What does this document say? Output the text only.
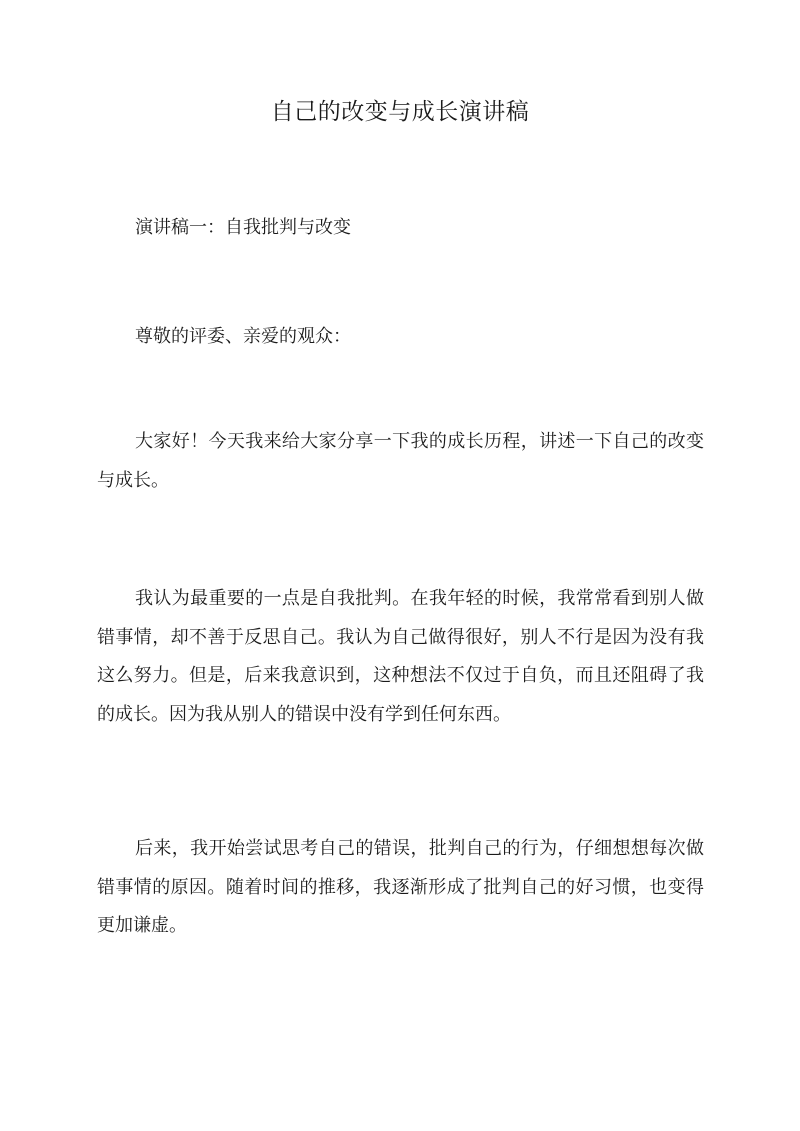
自己的改变与成长演讲稿

演讲稿一：自我批判与改变

尊敬的评委、亲爱的观众：

大家好！今天我来给大家分享一下我的成长历程，讲述一下自己的改变与成长。

我认为最重要的一点是自我批判。在我年轻的时候，我常常看到别人做错事情，却不善于反思自己。我认为自己做得很好，别人不行是因为没有我这么努力。但是，后来我意识到，这种想法不仅过于自负，而且还阻碍了我的成长。因为我从别人的错误中没有学到任何东西。

后来，我开始尝试思考自己的错误，批判自己的行为，仔细想想每次做错事情的原因。随着时间的推移，我逐渐形成了批判自己的好习惯，也变得更加谦虚。
